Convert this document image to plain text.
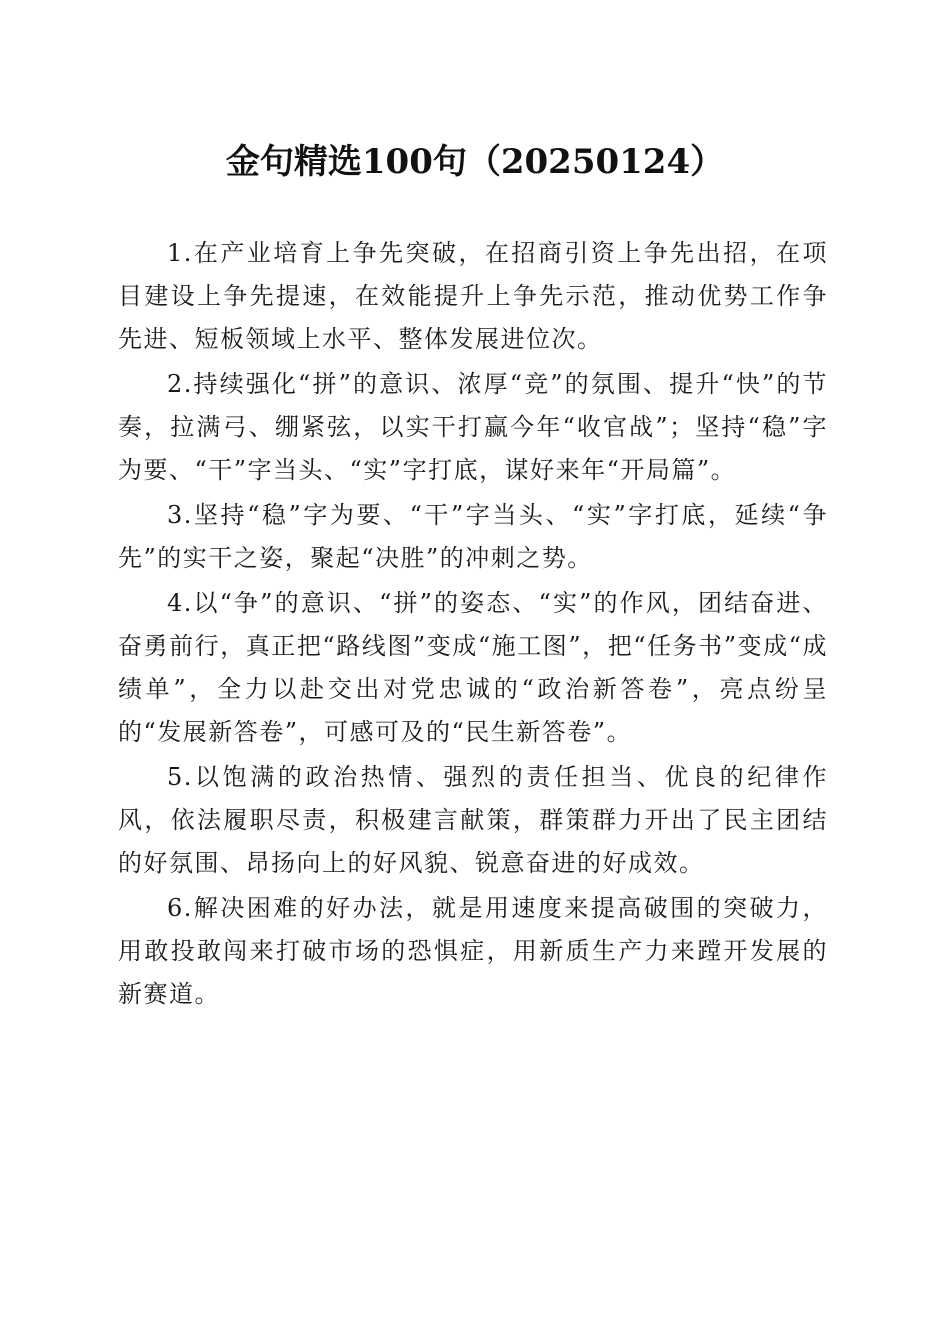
金句精选100句（20250124）

1.在产业培育上争先突破，在招商引资上争先出招，在项目建设上争先提速，在效能提升上争先示范，推动优势工作争先进、短板领域上水平、整体发展进位次。

2.持续强化“拼”的意识、浓厚“竞”的氛围、提升“快”的节奏，拉满弓、绷紧弦，以实干打赢今年“收官战”；坚持“稳”字为要、“干”字当头、“实”字打底，谋好来年“开局篇”。

3.坚持“稳”字为要、“干”字当头、“实”字打底，延续“争先”的实干之姿，聚起“决胜”的冲刺之势。

4.以“争”的意识、“拼”的姿态、“实”的作风，团结奋进、奋勇前行，真正把“路线图”变成“施工图”，把“任务书”变成“成绩单”，全力以赴交出对党忠诚的“政治新答卷”，亮点纷呈的“发展新答卷”，可感可及的“民生新答卷”。

5.以饱满的政治热情、强烈的责任担当、优良的纪律作风，依法履职尽责，积极建言献策，群策群力开出了民主团结的好氛围、昂扬向上的好风貌、锐意奋进的好成效。

6.解决困难的好办法，就是用速度来提高破围的突破力，用敢投敢闯来打破市场的恐惧症，用新质生产力来蹚开发展的新赛道。
